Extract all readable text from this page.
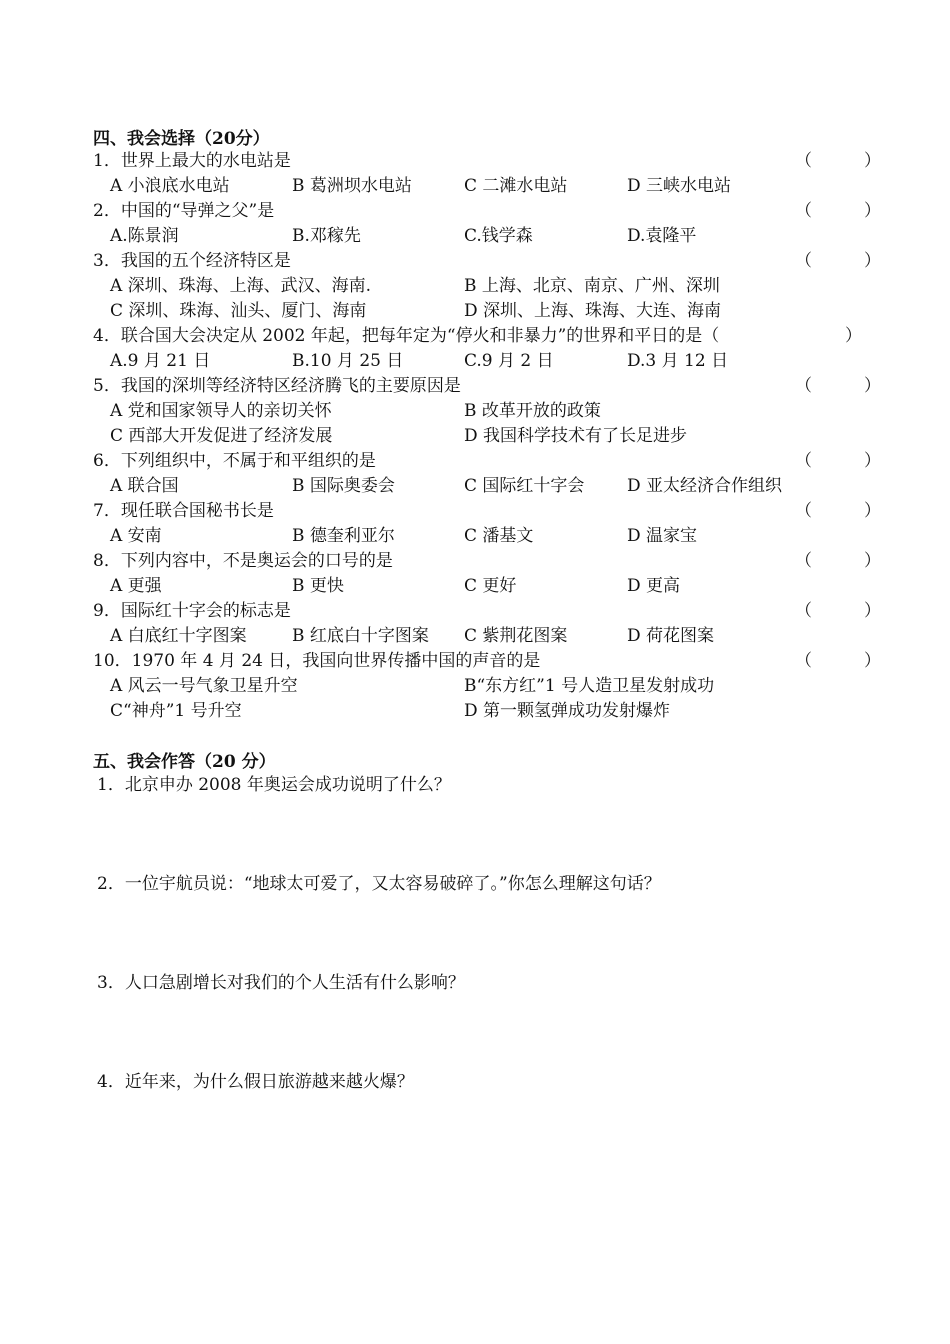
四、我会选择（20分）
1．世界上最大的水电站是	（	）
A 小浪底水电站	B 葛洲坝水电站	C 二滩水电站	D 三峡水电站
2．中国的“导弹之父”是	（	）
A.陈景润	B.邓稼先	C.钱学森	D.袁隆平
3．我国的五个经济特区是	（	）
A 深圳、珠海、上海、武汉、海南.	B 上海、北京、南京、广州、深圳
C 深圳、珠海、汕头、厦门、海南	D 深圳、上海、珠海、大连、海南
4．联合国大会决定从 2002 年起，把每年定为“停火和非暴力”的世界和平日的是（	）
A.9 月 21 日	B.10 月 25 日	C.9 月 2 日	D.3 月 12 日
5．我国的深圳等经济特区经济腾飞的主要原因是	（	）
A 党和国家领导人的亲切关怀	B 改革开放的政策
C 西部大开发促进了经济发展	D 我国科学技术有了长足进步
6．下列组织中，不属于和平组织的是	（	）
A 联合国	B 国际奥委会	C 国际红十字会	D 亚太经济合作组织
7．现任联合国秘书长是	（	）
A 安南	B 德奎利亚尔	C 潘基文	D 温家宝
8．下列内容中，不是奥运会的口号的是	（	）
A 更强	B 更快	C 更好	D 更高
9．国际红十字会的标志是	（	）
A 白底红十字图案	B 红底白十字图案 C 紫荆花图案	D 荷花图案
10．1970 年 4 月 24 日，我国向世界传播中国的声音的是	（	）
A 风云一号气象卫星升空	B“东方红”1 号人造卫星发射成功
C“神舟”1 号升空	D 第一颗氢弹成功发射爆炸
五、我会作答（20 分）
1．北京申办 2008 年奥运会成功说明了什么？
2．一位宇航员说：“地球太可爱了，又太容易破碎了。”你怎么理解这句话？
3．人口急剧增长对我们的个人生活有什么影响？
4．近年来，为什么假日旅游越来越火爆？
